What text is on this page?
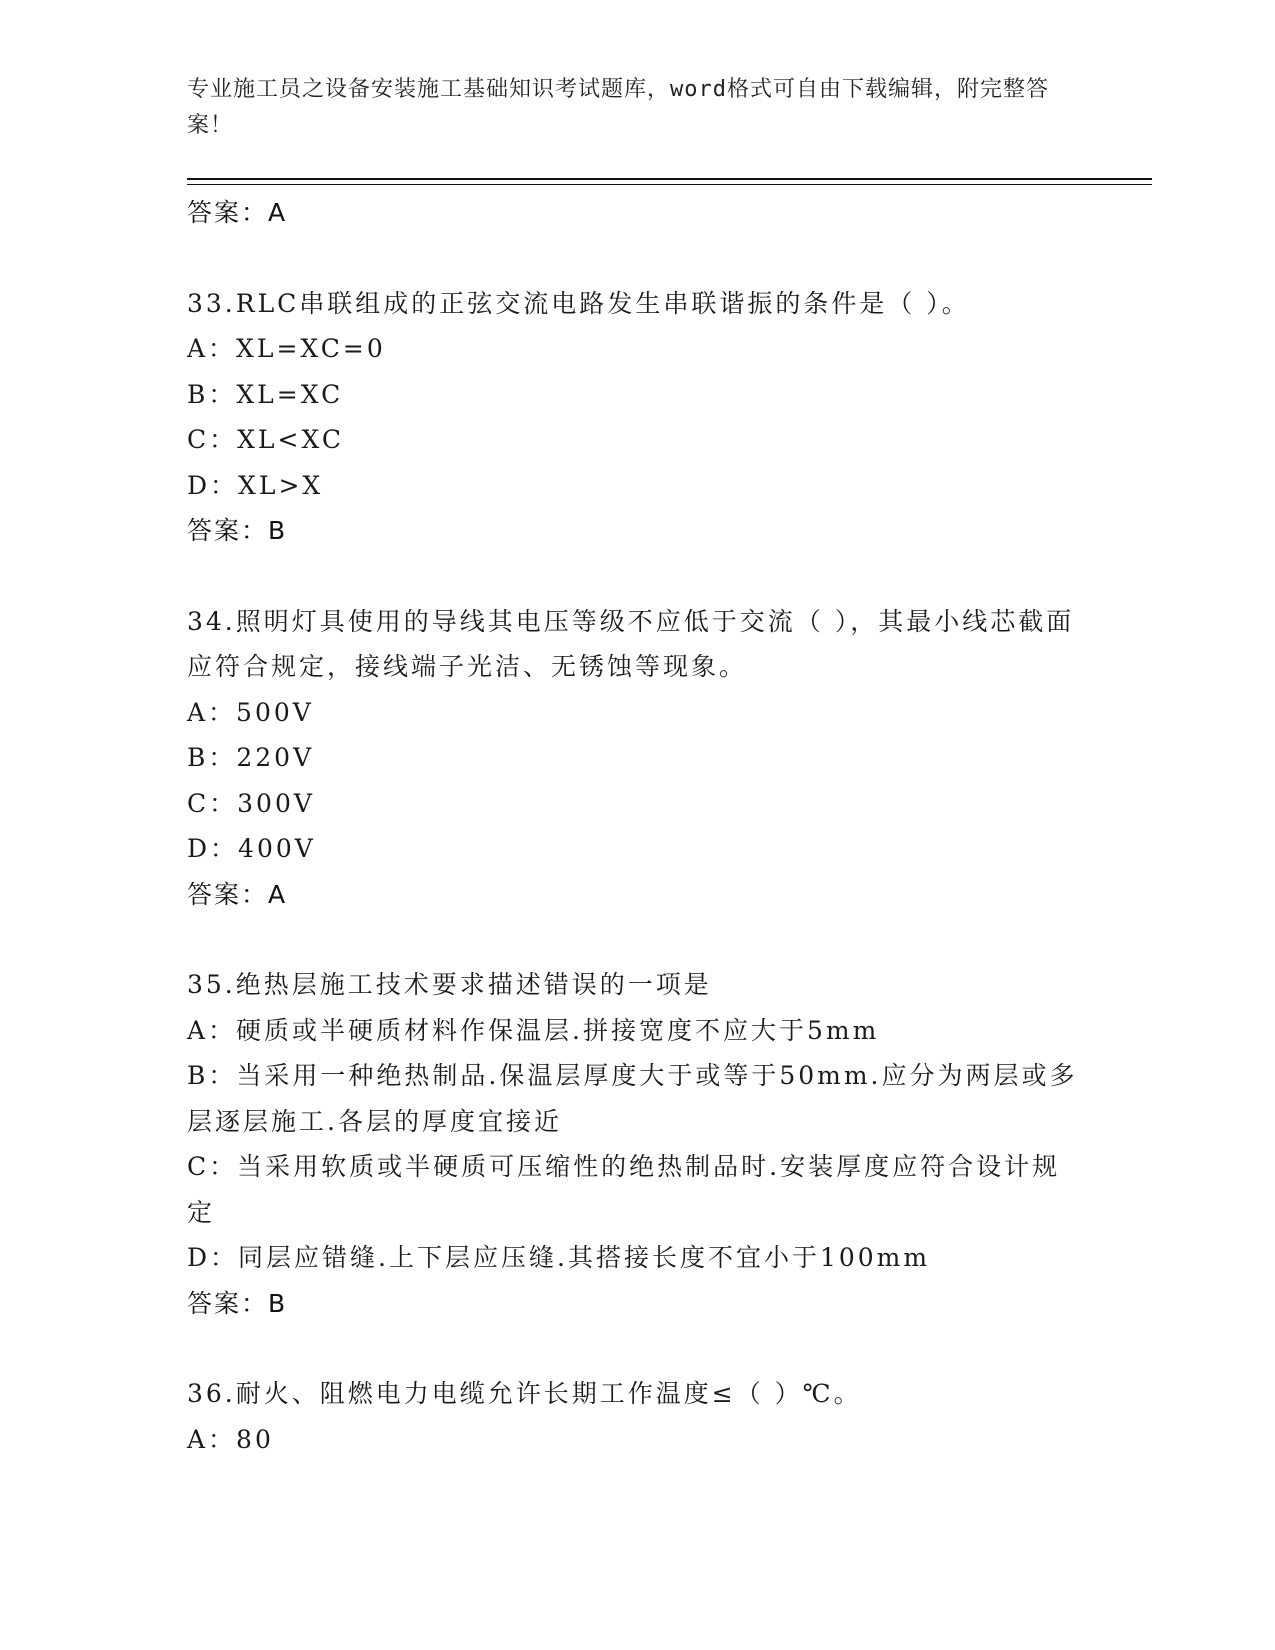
专业施工员之设备安装施工基础知识考试题库，word格式可自由下载编辑，附完整答案！
答案：A
33.RLC串联组成的正弦交流电路发生串联谐振的条件是（ ）。
A：XL=XC=0
B：XL=XC
C：XL<XC
D：XL>X
答案：B
34.照明灯具使用的导线其电压等级不应低于交流（ ），其最小线芯截面应符合规定，接线端子光洁、无锈蚀等现象。
A：500V
B：220V
C：300V
D：400V
答案：A
35.绝热层施工技术要求描述错误的一项是
A：硬质或半硬质材料作保温层.拼接宽度不应大于5mm
B：当采用一种绝热制品.保温层厚度大于或等于50mm.应分为两层或多层逐层施工.各层的厚度宜接近
C：当采用软质或半硬质可压缩性的绝热制品时.安装厚度应符合设计规定
D：同层应错缝.上下层应压缝.其搭接长度不宜小于100mm
答案：B
36.耐火、阻燃电力电缆允许长期工作温度≤（ ）℃。
A：80
